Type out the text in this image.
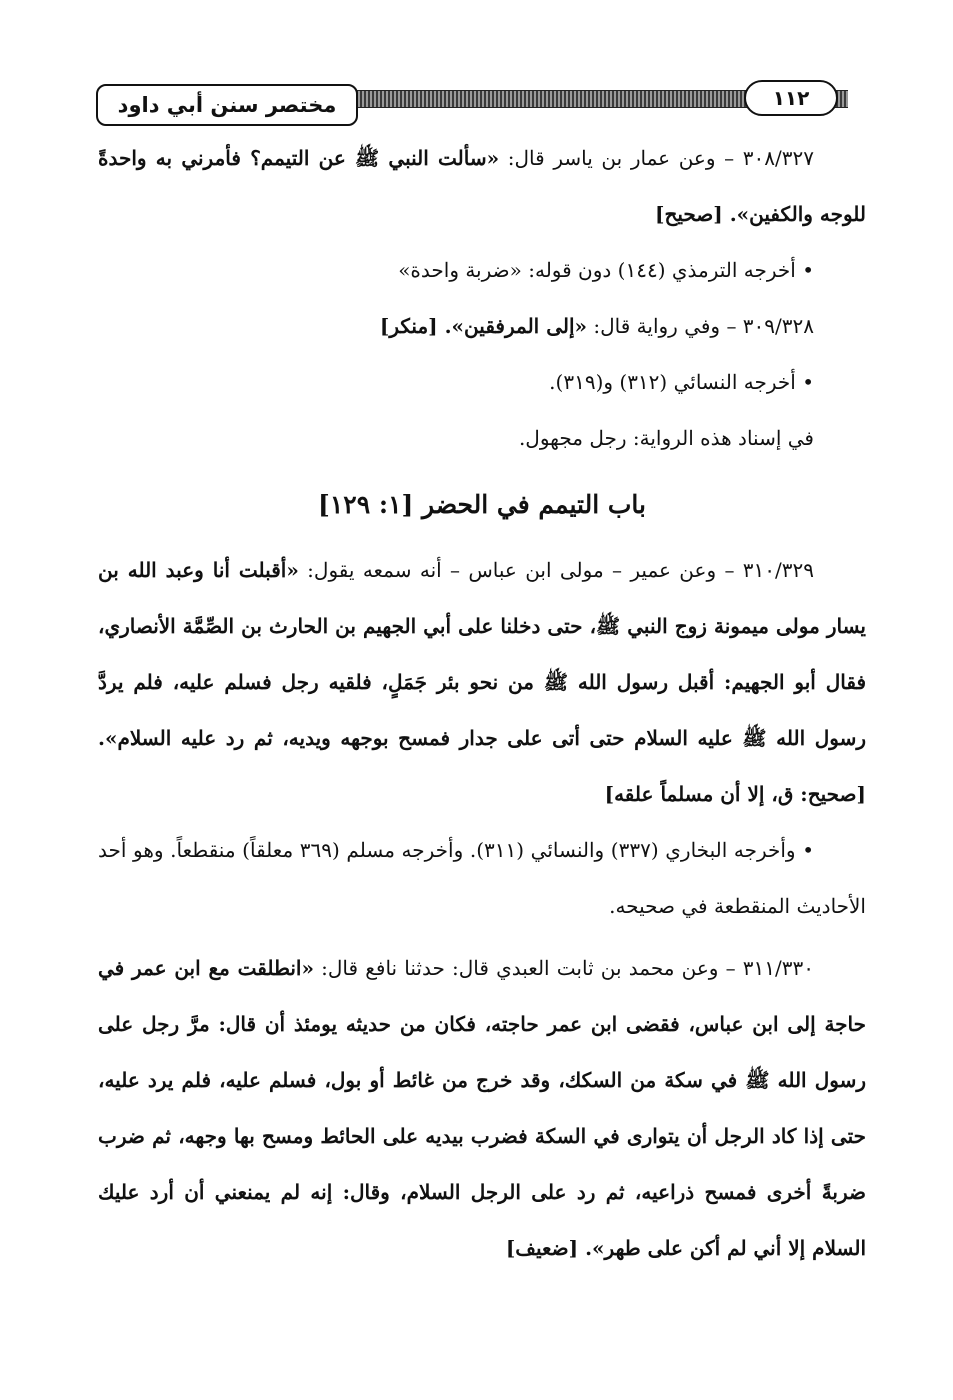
مختصر سنن أبي داود	١١٢

٣٠٨/٣٢٧ – وعن عمار بن ياسر قال: «سألت النبي ﷺ عن التيمم؟ فأمرني به واحدةً للوجه والكفين». [صحيح]

• أخرجه الترمذي (١٤٤) دون قوله: «ضربة واحدة»

٣٠٩/٣٢٨ – وفي رواية قال: «إلى المرفقين». [منكر]

• أخرجه النسائي (٣١٢) و(٣١٩).

في إسناد هذه الرواية: رجل مجهول.

باب التيمم في الحضر [١: ١٢٩]

٣١٠/٣٢٩ – وعن عمير – مولى ابن عباس – أنه سمعه يقول: «أقبلت أنا وعبد الله بن يسار مولى ميمونة زوج النبي ﷺ، حتى دخلنا على أبي الجهيم بن الحارث بن الصِّمَّة الأنصاري، فقال أبو الجهيم: أقبل رسول الله ﷺ من نحو بئر جَمَلٍ، فلقيه رجل فسلم عليه، فلم يردَّ رسول الله ﷺ عليه السلام حتى أتى على جدار فمسح بوجهه ويديه، ثم رد عليه السلام». [صحيح: ق، إلا أن مسلماً علقه]

• وأخرجه البخاري (٣٣٧) والنسائي (٣١١). وأخرجه مسلم (٣٦٩ معلقاً) منقطعاً. وهو أحد الأحاديث المنقطعة في صحيحه.

٣١١/٣٣٠ – وعن محمد بن ثابت العبدي قال: حدثنا نافع قال: «انطلقت مع ابن عمر في حاجة إلى ابن عباس، فقضى ابن عمر حاجته، فكان من حديثه يومئذ أن قال: مرَّ رجل على رسول الله ﷺ في سكة من السكك، وقد خرج من غائط أو بول، فسلم عليه، فلم يرد عليه، حتى إذا كاد الرجل أن يتوارى في السكة فضرب بيديه على الحائط ومسح بها وجهه، ثم ضرب ضربةً أخرى فمسح ذراعيه، ثم رد على الرجل السلام، وقال: إنه لم يمنعني أن أرد عليك السلام إلا أني لم أكن على طهر». [ضعيف]
